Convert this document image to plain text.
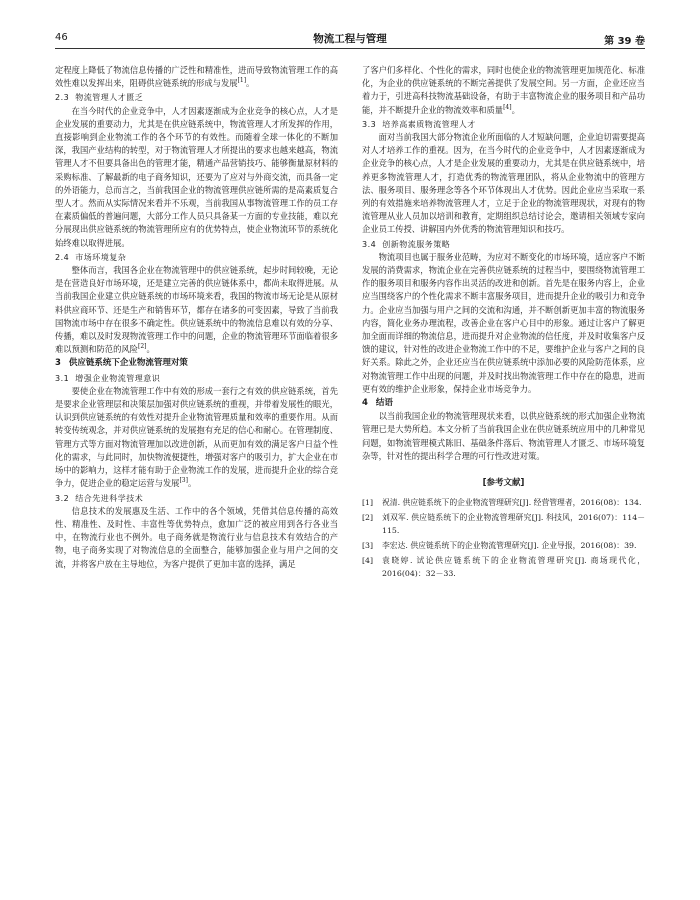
46	物流工程与管理	第 39 卷

定程度上降低了物流信息传播的广泛性和精准性，进而导致物流管理工作的高效性难以发挥出来，阻碍供应链系统的形成与发展[1]。

2.3 物流管理人才匮乏

在当今时代的企业竞争中，人才因素逐渐成为企业竞争的核心点，人才是企业发展的重要动力，尤其是在供应链系统中，物流管理人才所发挥的作用，直接影响到企业物流工作的各个环节的有效性。而随着全球一体化的不断加深，我国产业结构的转型，对于物流管理人才所提出的要求也越来越高，物流管理人才不但要具备出色的管理才能，精通产品营销技巧、能够衡量原材料的采购标准、了解最新的电子商务知识，还要为了应对与外商交流，而具备一定的外语能力，总而言之，当前我国企业的物流管理供应链所需的是高素质复合型人才。然而从实际情况来看并不乐观，当前我国从事物流管理工作的员工存在素质偏低的普遍问题，大部分工作人员只具备某一方面的专业技能，难以充分展现出供应链系统的物流管理所应有的优势特点，使企业物流环节的系统化始终难以取得进展。

2.4 市场环境复杂

整体而言，我国各企业在物流管理中的供应链系统，起步时间较晚，无论是在营造良好市场环境，还是建立完善的供应链体系中，都尚未取得进展。从当前我国企业建立供应链系统的市场环境来看，我国的物流市场无论是从原材料供应商环节、还是生产和销售环节，都存在诸多的可变因素，导致了当前我国物流市场中存在很多不确定性。供应链系统中的物流信息难以有效的分享、传播，难以及时发现物流管理工作中的问题，企业的物流管理环节面临着很多难以预测和防范的风险[2]。

3 供应链系统下企业物流管理对策
3.1 增强企业物流管理意识

要使企业在物流管理工作中有效的形成一套行之有效的供应链系统，首先是要求企业管理层和决策层加强对供应链系统的重视，并带着发展性的眼光，认识到供应链系统的有效性对提升企业物流管理质量和效率的重要作用。从而转变传统观念，并对供应链系统的发展抱有充足的信心和耐心。在管理制度、管理方式等方面对物流管理加以改进创新，从而更加有效的满足客户日益个性化的需求，与此同时，加快物流便捷性，增强对客户的吸引力，扩大企业在市场中的影响力，这样才能有助于企业物流工作的发展，进而提升企业的综合竞争力，促进企业的稳定运营与发展[3]。

3.2 结合先进科学技术

信息技术的发展惠及生活、工作中的各个领域，凭借其信息传播的高效性、精准性、及时性、丰富性等优势特点，愈加广泛的被应用到各行各业当中，在物流行业也不例外。电子商务就是物流行业与信息技术有效结合的产物，电子商务实现了对物流信息的全面整合，能够加强企业与用户之间的交流，并将客户放在主导地位，为客户提供了更加丰富的选择，满足

了客户们多样化、个性化的需求，同时也使企业的物流管理更加规范化、标准化，为企业的供应链系统的不断完善提供了发展空间。另一方面，企业还应当着力于，引进高科技物流基础设备，有助于丰富物流企业的服务项目和产品功能，并不断提升企业的物流效率和质量[4]。

3.3 培养高素质物流管理人才

面对当前我国大部分物流企业所面临的人才短缺问题，企业迫切需要提高对人才培养工作的重视。因为，在当今时代的企业竞争中，人才因素逐渐成为企业竞争的核心点，人才是企业发展的重要动力，尤其是在供应链系统中，培养更多物流管理人才，打造优秀的物流管理团队，将从企业物流中的管理方法、服务项目、服务理念等各个环节体现出人才优势。因此企业应当采取一系列的有效措施来培养物流管理人才，立足于企业的物流管理现状，对现有的物流管理从业人员加以培训和教育，定期组织总结讨论会，邀请相关领域专家向企业员工传授、讲解国内外优秀的物流管理知识和技巧。

3.4 创新物流服务策略

物流项目也属于服务业范畴，为应对不断变化的市场环境，适应客户不断发展的消费需求，物流企业在完善供应链系统的过程当中，要围绕物流管理工作的服务项目和服务内容作出灵活的改进和创新。首先是在服务内容上，企业应当围绕客户的个性化需求不断丰富服务项目，进而提升企业的吸引力和竞争力。企业应当加强与用户之间的交流和沟通，并不断创新更加丰富的物流服务内容，简化业务办理流程，改善企业在客户心目中的形象。通过让客户了解更加全面而详细的物流信息，进而提升对企业物流的信任度，并及时收集客户反馈的建议，针对性的改进企业物流工作中的不足，要维护企业与客户之间的良好关系。除此之外，企业还应当在供应链系统中添加必要的风险防范体系，应对物流管理工作中出现的问题，并及时找出物流管理工作中存在的隐患，进而更有效的维护企业形象，保持企业市场竞争力。

4 结语

以当前我国企业的物流管理现状来看，以供应链系统的形式加强企业物流管理已是大势所趋。本文分析了当前我国企业在供应链系统应用中的几种常见问题，如物流管理模式陈旧、基础条件落后、物流管理人才匮乏、市场环境复杂等，针对性的提出科学合理的可行性改进对策。

[参考文献]
[1] 祝清. 供应链系统下的企业物流管理研究[J]. 经营管理者，2016(08)：134.
[2] 刘双军. 供应链系统下的企业物流管理研究[J]. 科技风，2016(07)：114－115.
[3] 李宏达. 供应链系统下的企业物流管理研究[J]. 企业导报，2016(08)：39.
[4] 袁晓婷. 试论供应链系统下的企业物流管理研究[J]. 商场现代化，2016(04)：32－33.
